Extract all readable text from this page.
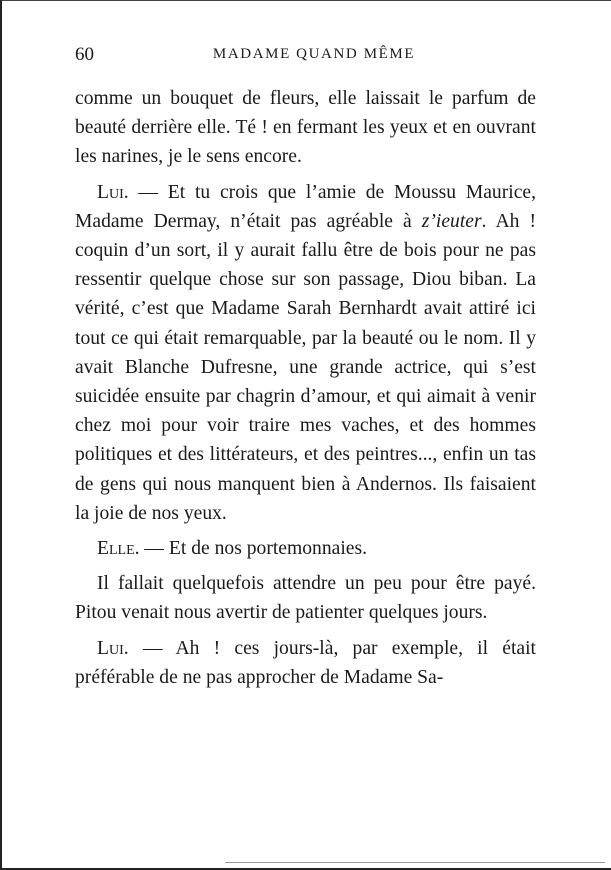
60	MADAME QUAND MÊME

comme un bouquet de fleurs, elle laissait le parfum de beauté derrière elle. Té ! en fermant les yeux et en ouvrant les narines, je le sens encore.

Lui. — Et tu crois que l’amie de Moussu Maurice, Madame Dermay, n’était pas agréable à z’ieuter. Ah ! coquin d’un sort, il y aurait fallu être de bois pour ne pas ressentir quelque chose sur son passage, Diou biban. La vérité, c’est que Madame Sarah Bernhardt avait attiré ici tout ce qui était remarquable, par la beauté ou le nom. Il y avait Blanche Dufresne, une grande actrice, qui s’est suicidée ensuite par chagrin d’amour, et qui aimait à venir chez moi pour voir traire mes vaches, et des hommes politiques et des littérateurs, et des peintres..., enfin un tas de gens qui nous manquent bien à Andernos. Ils faisaient la joie de nos yeux.

Elle. — Et de nos portemonnaies.

Il fallait quelquefois attendre un peu pour être payé. Pitou venait nous avertir de patienter quelques jours.

Lui. — Ah ! ces jours-là, par exemple, il était préférable de ne pas approcher de Madame Sa-
